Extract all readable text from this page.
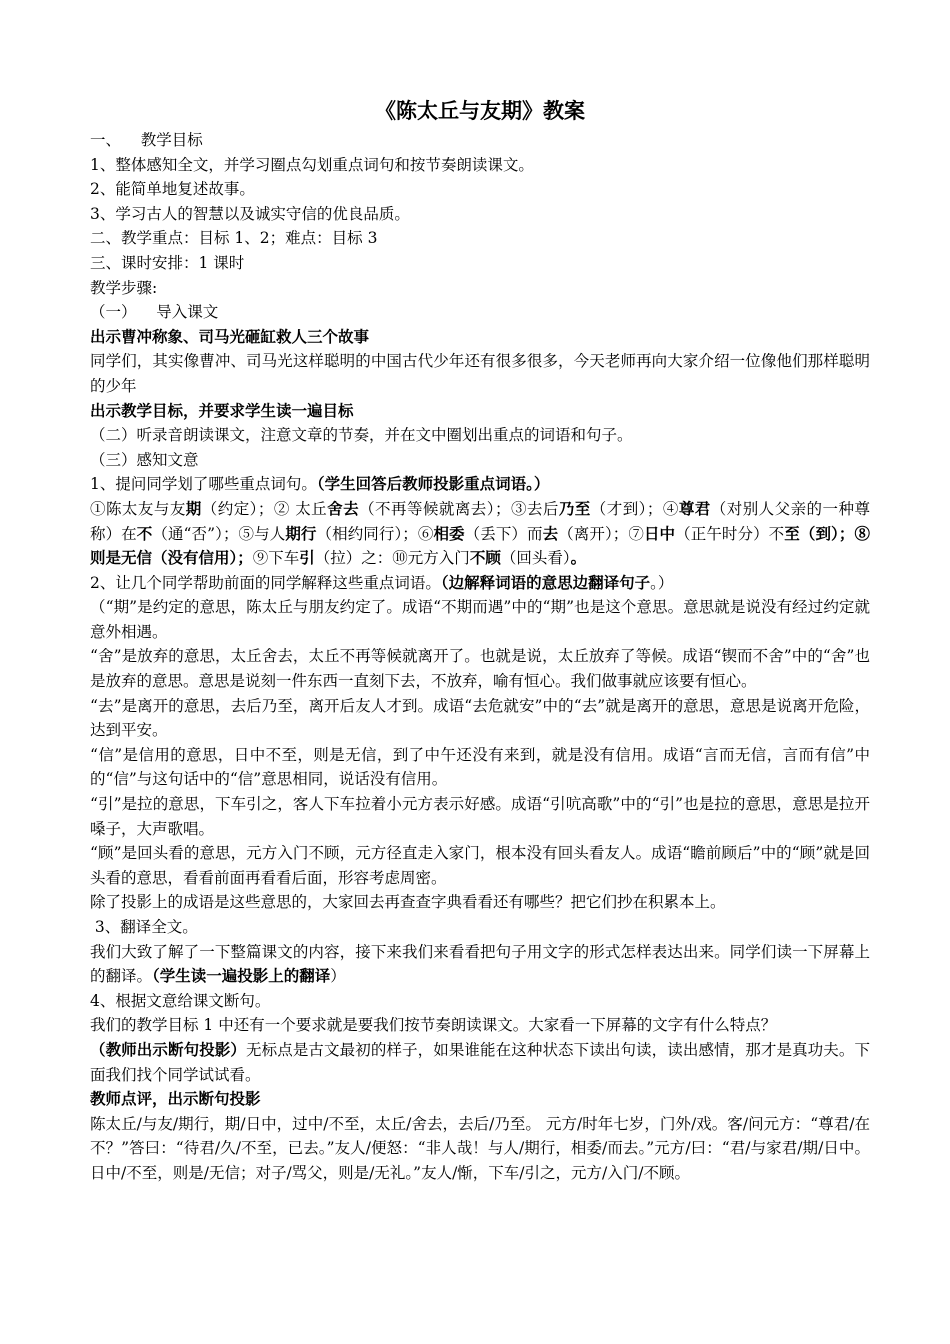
《陈太丘与友期》教案

一、    教学目标

1、整体感知全文，并学习圈点勾划重点词句和按节奏朗读课文。

2、能简单地复述故事。

3、学习古人的智慧以及诚实守信的优良品质。

二、教学重点：目标 1、2；难点：目标 3

三、课时安排：1 课时

教学步骤:

（一）    导入课文

出示曹冲称象、司马光砸缸救人三个故事

同学们，其实像曹冲、司马光这样聪明的中国古代少年还有很多很多，今天老师再向大家介绍一位像他们那样聪明的少年

出示教学目标，并要求学生读一遍目标

（二）听录音朗读课文，注意文章的节奏，并在文中圈划出重点的词语和句子。

（三）感知文意

1、提问同学划了哪些重点词句。（学生回答后教师投影重点词语。）

①陈太友与友期（约定）；② 太丘舍去（不再等候就离去）；③去后乃至（才到）；④尊君（对别人父亲的一种尊称）在不（通“否”）；⑤与人期行（相约同行）；⑥相委（丢下）而去（离开）；⑦日中（正午时分）不至（到）；⑧则是无信（没有信用）；⑨下车引（拉）之：⑩元方入门不顾（回头看）。

2、让几个同学帮助前面的同学解释这些重点词语。（边解释词语的意思边翻译句子。）

（“期”是约定的意思，陈太丘与朋友约定了。成语“不期而遇”中的“期”也是这个意思。意思就是说没有经过约定就意外相遇。

“舍”是放弃的意思，太丘舍去，太丘不再等候就离开了。也就是说，太丘放弃了等候。成语“锲而不舍”中的“舍”也是放弃的意思。意思是说刻一件东西一直刻下去，不放弃，喻有恒心。我们做事就应该要有恒心。

“去”是离开的意思，去后乃至，离开后友人才到。成语“去危就安”中的“去”就是离开的意思，意思是说离开危险，达到平安。

“信”是信用的意思，日中不至，则是无信，到了中午还没有来到，就是没有信用。成语“言而无信，言而有信”中的“信”与这句话中的“信”意思相同，说话没有信用。

“引”是拉的意思，下车引之，客人下车拉着小元方表示好感。成语“引吭高歌”中的“引”也是拉的意思，意思是拉开嗓子，大声歌唱。

“顾”是回头看的意思，元方入门不顾，元方径直走入家门，根本没有回头看友人。成语“瞻前顾后”中的“顾”就是回头看的意思，看看前面再看看后面，形容考虑周密。

除了投影上的成语是这些意思的，大家回去再查查字典看看还有哪些？把它们抄在积累本上。

3、翻译全文。

我们大致了解了一下整篇课文的内容，接下来我们来看看把句子用文字的形式怎样表达出来。同学们读一下屏幕上的翻译。（学生读一遍投影上的翻译）

4、根据文意给课文断句。

我们的教学目标 1 中还有一个要求就是要我们按节奏朗读课文。大家看一下屏幕的文字有什么特点？

（教师出示断句投影）无标点是古文最初的样子，如果谁能在这种状态下读出句读，读出感情，那才是真功夫。下面我们找个同学试试看。

教师点评，出示断句投影

陈太丘/与友/期行，期/日中，过中/不至，太丘/舍去，去后/乃至。 元方/时年七岁，门外/戏。客/问元方：“尊君/在不？”答曰：“待君/久/不至，已去。”友人/便怒：“非人哉！与人/期行，相委/而去。”元方/曰：“君/与家君/期/日中。日中/不至，则是/无信；对子/骂父，则是/无礼。”友人/惭，下车/引之，元方/入门/不顾。
